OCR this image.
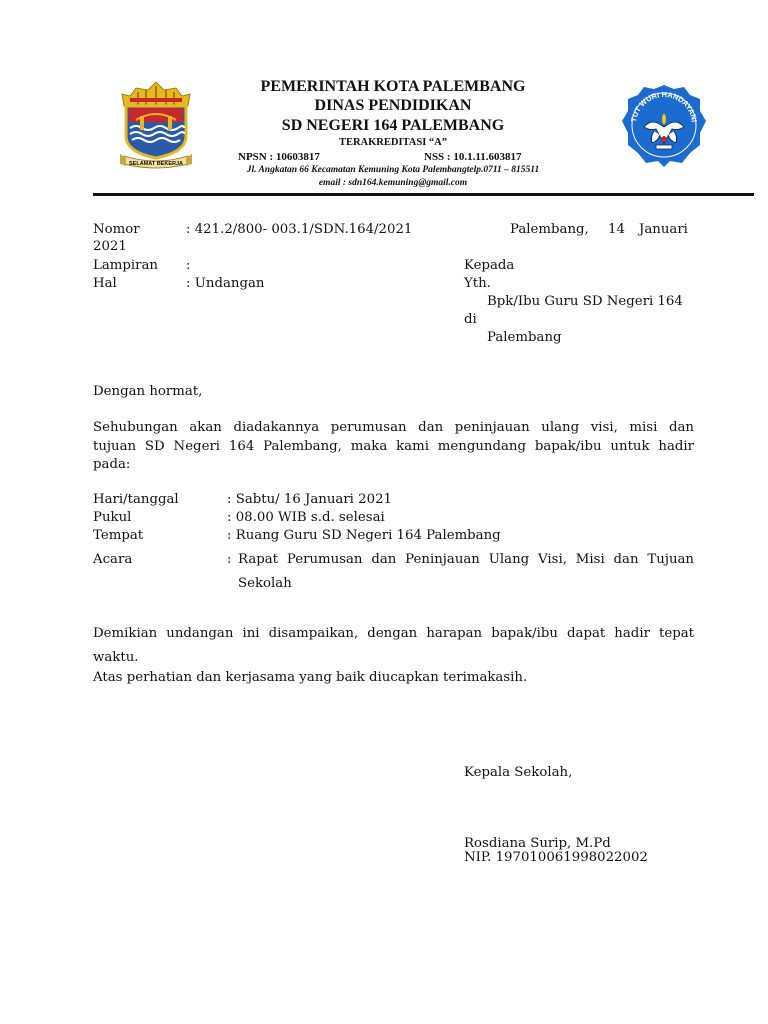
SELAMAT BEKERJA
TUT WURI HANDAYANI
PEMERINTAH KOTA PALEMBANG
DINAS PENDIDIKAN
SD NEGERI 164 PALEMBANG
TERAKREDITASI “A”
NPSN : 10603817	NSS : 10.1.11.603817
Jl. Angkatan 66 Kecamatan Kemuning Kota Palembangtelp.0711 – 815511
email : sdn164.kemuning@gmail.com
Nomor	: 421.2/800- 003.1/SDN.164/2021
2021
Palembang, 14 Januari
Lampiran :
Hal	: Undangan
Kepada
Yth.
Bpk/Ibu Guru SD Negeri 164
di
Palembang
Dengan hormat,
Sehubungan akan diadakannya perumusan dan peninjauan ulang visi, misi dan
tujuan SD Negeri 164 Palembang, maka kami mengundang bapak/ibu untuk hadir
pada:
Hari/tanggal	: Sabtu/ 16 Januari 2021
Pukul	: 08.00 WIB s.d. selesai
Tempat	: Ruang Guru SD Negeri 164 Palembang
Acara	: Rapat Perumusan dan Peninjauan Ulang Visi, Misi dan Tujuan
Sekolah
Demikian undangan ini disampaikan, dengan harapan bapak/ibu dapat hadir tepat
waktu.
Atas perhatian dan kerjasama yang baik diucapkan terimakasih.
Kepala Sekolah,
Rosdiana Surip, M.Pd
NIP. 197010061998022002
